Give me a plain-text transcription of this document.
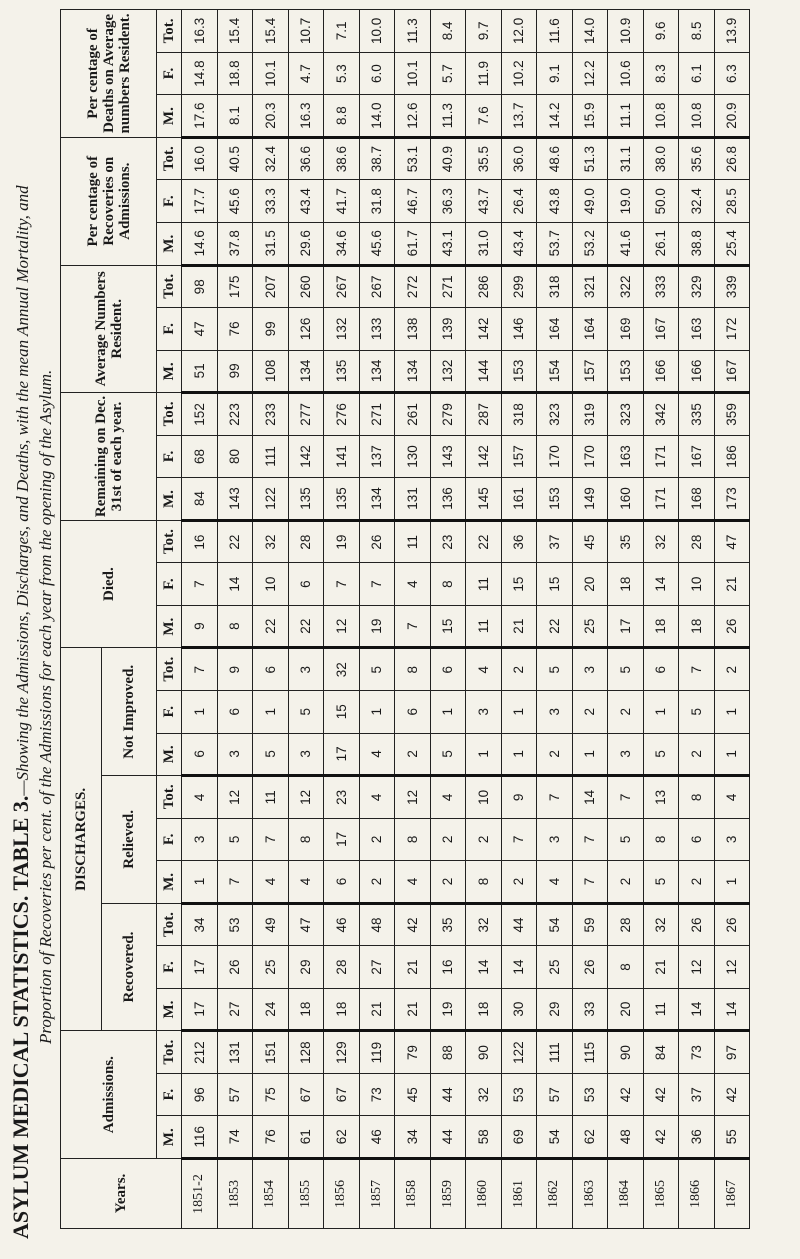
ASYLUM MEDICAL STATISTICS. TABLE 3.—Showing the Admissions, Discharges, and Deaths, with the mean Annual Mortality, and Proportion of Recoveries per cent. of the Admissions for each year from the opening of the Asylum.
Years.	Admissions.			DISCHARGES.									Died.			Remaining on Dec. 31st of each year.			Average Numbers Resident.			Per centage of Recoveries on Admissions.			Per centage of Deaths on Average numbers Resident.		
				Recovered.			Relieved.			Not Improved.																	
	M.	F.	Tot.	M.	F.	Tot.	M.	F.	Tot.	M.	F.	Tot.	M.	F.	Tot.	M.	F.	Tot.	M.	F.	Tot.	M.	F.	Tot.	M.	F.	Tot.
1851-2	116	96	212	17	17	34	1	3	4	6	1	7	9	7	16	84	68	152	51	47	98	14.6	17.7	16.0	17.6	14.8	16.3
1853	74	57	131	27	26	53	7	5	12	3	6	9	8	14	22	143	80	223	99	76	175	37.8	45.6	40.5	8.1	18.8	15.4
1854	76	75	151	24	25	49	4	7	11	5	1	6	22	10	32	122	111	233	108	99	207	31.5	33.3	32.4	20.3	10.1	15.4
1855	61	67	128	18	29	47	4	8	12	3	5	3	22	6	28	135	142	277	134	126	260	29.6	43.4	36.6	16.3	4.7	10.7
1856	62	67	129	18	28	46	6	17	23	17	15	32	12	7	19	135	141	276	135	132	267	34.6	41.7	38.6	8.8	5.3	7.1
1857	46	73	119	21	27	48	2	2	4	4	1	5	19	7	26	134	137	271	134	133	267	45.6	31.8	38.7	14.0	6.0	10.0
1858	34	45	79	21	21	42	4	8	12	2	6	8	7	4	11	131	130	261	134	138	272	61.7	46.7	53.1	12.6	10.1	11.3
1859	44	44	88	19	16	35	2	2	4	5	1	6	15	8	23	136	143	279	132	139	271	43.1	36.3	40.9	11.3	5.7	8.4
1860	58	32	90	18	14	32	8	2	10	1	3	4	11	11	22	145	142	287	144	142	286	31.0	43.7	35.5	7.6	11.9	9.7
1861	69	53	122	30	14	44	2	7	9	1	1	2	21	15	36	161	157	318	153	146	299	43.4	26.4	36.0	13.7	10.2	12.0
1862	54	57	111	29	25	54	4	3	7	2	3	5	22	15	37	153	170	323	154	164	318	53.7	43.8	48.6	14.2	9.1	11.6
1863	62	53	115	33	26	59	7	7	14	1	2	3	25	20	45	149	170	319	157	164	321	53.2	49.0	51.3	15.9	12.2	14.0
1864	48	42	90	20	8	28	2	5	7	3	2	5	17	18	35	160	163	323	153	169	322	41.6	19.0	31.1	11.1	10.6	10.9
1865	42	42	84	11	21	32	5	8	13	5	1	6	18	14	32	171	171	342	166	167	333	26.1	50.0	38.0	10.8	8.3	9.6
1866	36	37	73	14	12	26	2	6	8	2	5	7	18	10	28	168	167	335	166	163	329	38.8	32.4	35.6	10.8	6.1	8.5
1867	55	42	97	14	12	26	1	3	4	1	1	2	26	21	47	173	186	359	167	172	339	25.4	28.5	26.8	20.9	6.3	13.9
